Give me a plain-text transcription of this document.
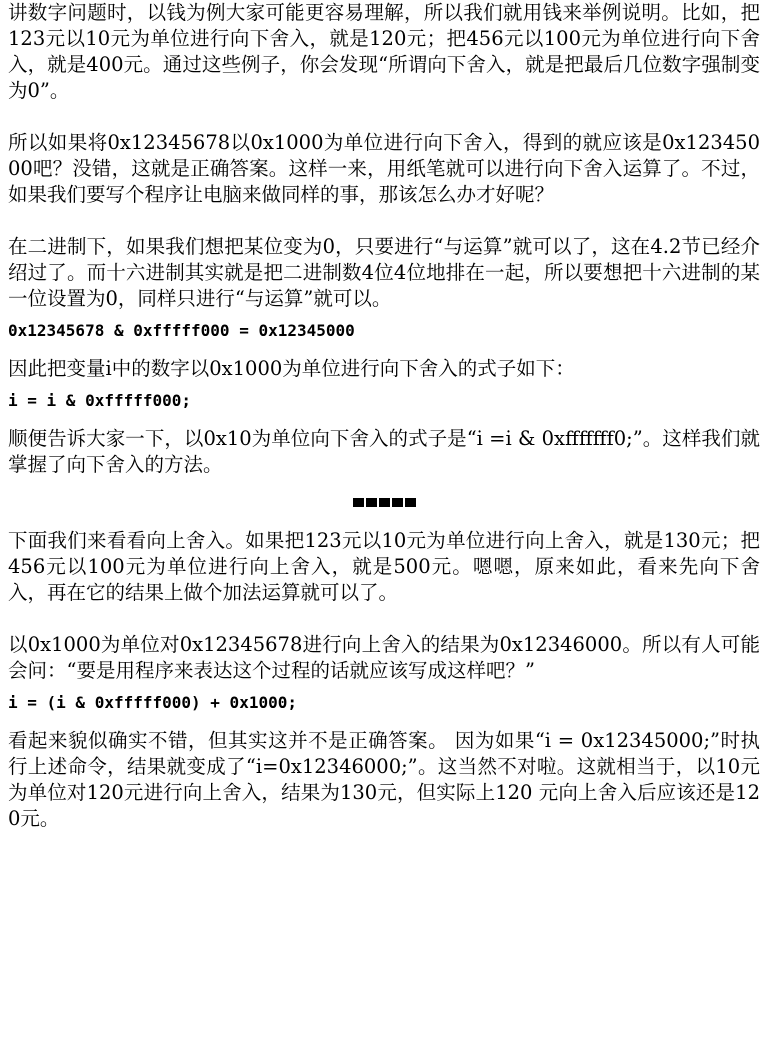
讲数字问题时，以钱为例大家可能更容易理解，所以我们就用钱来举例说明。比如，把123元以10元为单位进行向下舍入，就是120元；把456元以100元为单位进行向下舍入，就是400元。通过这些例子，你会发现“所谓向下舍入，就是把最后几位数字强制变为0”。

所以如果将0x12345678以0x1000为单位进行向下舍入，得到的就应该是0x12345000吧？没错，这就是正确答案。这样一来，用纸笔就可以进行向下舍入运算了。不过，如果我们要写个程序让电脑来做同样的事，那该怎么办才好呢？

在二进制下，如果我们想把某位变为0，只要进行“与运算”就可以了，这在4.2节已经介绍过了。而十六进制其实就是把二进制数4位4位地排在一起，所以要想把十六进制的某一位设置为0，同样只进行“与运算”就可以。

0x12345678 & 0xfffff000 = 0x12345000

因此把变量i中的数字以0x1000为单位进行向下舍入的式子如下：

i = i & 0xfffff000;

顺便告诉大家一下，以0x10为单位向下舍入的式子是“i =i & 0xfffffff0;”。这样我们就掌握了向下舍入的方法。

下面我们来看看向上舍入。如果把123元以10元为单位进行向上舍入，就是130元；把456元以100元为单位进行向上舍入，就是500元。嗯嗯，原来如此，看来先向下舍入，再在它的结果上做个加法运算就可以了。

以0x1000为单位对0x12345678进行向上舍入的结果为0x12346000。所以有人可能会问：“要是用程序来表达这个过程的话就应该写成这样吧？”

i = (i & 0xfffff000) + 0x1000;

看起来貌似确实不错，但其实这并不是正确答案。 因为如果“i = 0x12345000;”时执行上述命令，结果就变成了“i=0x12346000;”。这当然不对啦。这就相当于，以10元为单位对120元进行向上舍入，结果为130元，但实际上120 元向上舍入后应该还是120元。
